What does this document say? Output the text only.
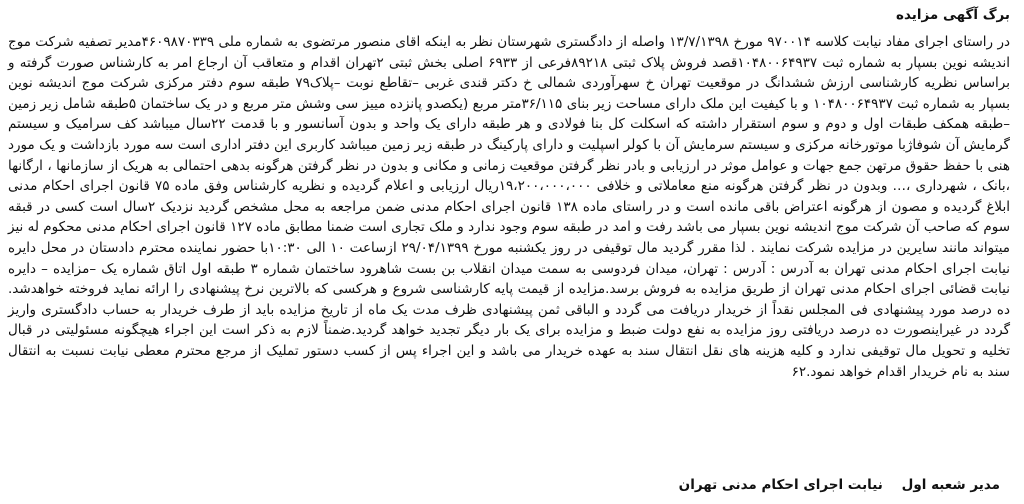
برگ آگهی مزایده

در راستای اجرای مفاد نیابت کلاسه ۹۷۰۰۱۴ مورخ ۱۳/۷/۱۳۹۸ واصله از دادگستری شهرستان نظر به اینکه اقای منصور مرتضوی به شماره ملی ۴۶۰۹۸۷۰۳۳۹مدیر تصفیه شرکت موج اندیشه نوین بسپار به شماره ثبت ۱۰۴۸۰۰۶۴۹۳۷قصد فروش پلاک ثبتی ۸۹۲۱۸فرعی از ۶۹۳۳ اصلی بخش ثبتی ۲تهران اقدام و متعاقب آن ارجاع امر به کارشناس صورت گرفته و براساس نظریه کارشناسی ارزش ششدانگ در موقعیت تهران خ سهرآوردی شمالی خ دکتر قندی غربی –تقاطع نوبت –پلاک۷۹ طبقه سوم دفتر مرکزی شرکت موج اندیشه نوین بسپار به شماره ثبت ۱۰۴۸۰۰۶۴۹۳۷ و با کیفیت این ملک دارای مساحت زیر بنای ۳۶/۱۱۵متر مربع (یکصدو پانزده مییز سی وشش متر مربع و در یک ساختمان ۵طبقه شامل زیر زمین –طبقه همکف طبقات اول و دوم و سوم استقرار داشته که اسکلت کل بنا فولادی و هر طبقه دارای یک واحد و بدون آسانسور و با قدمت ۲۲سال میباشد کف سرامیک و سیستم گرمایش آن شوفاژبا موتورخانه مرکزی و سیستم سرمایش آن با کولر اسپلیت و دارای پارکینگ در طبقه زیر زمین میباشد کاربری این دفتر اداری است سه مورد بازداشت و یک مورد هنی با حفظ حقوق مرتهن جمع جهات و عوامل موثر در ارزیابی و بادر نظر گرفتن موقعیت زمانی و مکانی و بدون در نظر گرفتن هرگونه بدهی احتمالی به هریک از سازمانها ، ارگانها ،بانک ، شهرداری ،… وبدون در نظر گرفتن هرگونه منع معاملاتی و خلافی ۱۹،۲۰۰،۰۰۰،۰۰۰ریال ارزیابی و اعلام گردیده و نظریه کارشناس وفق ماده ۷۵ قانون اجرای احکام مدنی ابلاغ گردیده و مصون از هرگونه اعتراض باقی مانده است و در راستای ماده ۱۳۸ قانون اجرای احکام مدنی ضمن مراجعه به محل مشخص گردید نزدیک ۲سال است کسی در قبقه سوم که صاحب آن شرکت موج اندیشه نوین بسپار می باشد رفت و امد در طبقه سوم وجود ندارد و ملک تجاری است ضمنا مطابق ماده ۱۲۷ قانون اجرای احکام مدنی محکوم له نیز میتواند مانند سایرین در مزایده شرکت نمایند . لذا مقرر گردید مال توقیفی در روز یکشنبه مورخ ۲۹/۰۴/۱۳۹۹ ازساعت ۱۰ الی ۱۰:۳۰با حضور نماینده محترم دادستان در محل دایره نیابت اجرای احکام مدنی تهران به آدرس : آدرس : تهران، میدان فردوسی به سمت میدان انقلاب بن بست شاهرود ساختمان شماره ۳ طبقه اول اتاق شماره یک –مزایده – دایره نیابت قضائی اجرای احکام مدنی تهران از طریق مزایده به فروش برسد.مزایده از قیمت پایه کارشناسی شروع و هرکسی که بالاترین نرخ پیشنهادی را ارائه نماید فروخته خواهدشد. ده درصد مورد پیشنهادی فی المجلس نقداً از خریدار دریافت می گردد و الباقی ثمن پیشنهادی ظرف مدت یک ماه از تاریخ مزایده باید از طرف خریدار به حساب دادگستری واریز گردد در غیراینصورت ده درصد دریافتی روز مزایده به نفع دولت ضبط و مزایده برای یک بار دیگر تجدید خواهد گردید.ضمناً لازم به ذکر است این اجراء هیچگونه مسئولیتی در قبال تخلیه و تحویل مال توقیفی ندارد و کلیه هزینه های نقل انتقال سند به عهده خریدار می باشد و این اجراء پس از کسب دستور تملیک از مرجع محترم معطی نیابت نسبت به انتقال سند به نام خریدار اقدام خواهد نمود.۶۲

مدیر شعبه اول    نیابت اجرای احکام مدنی تهران
